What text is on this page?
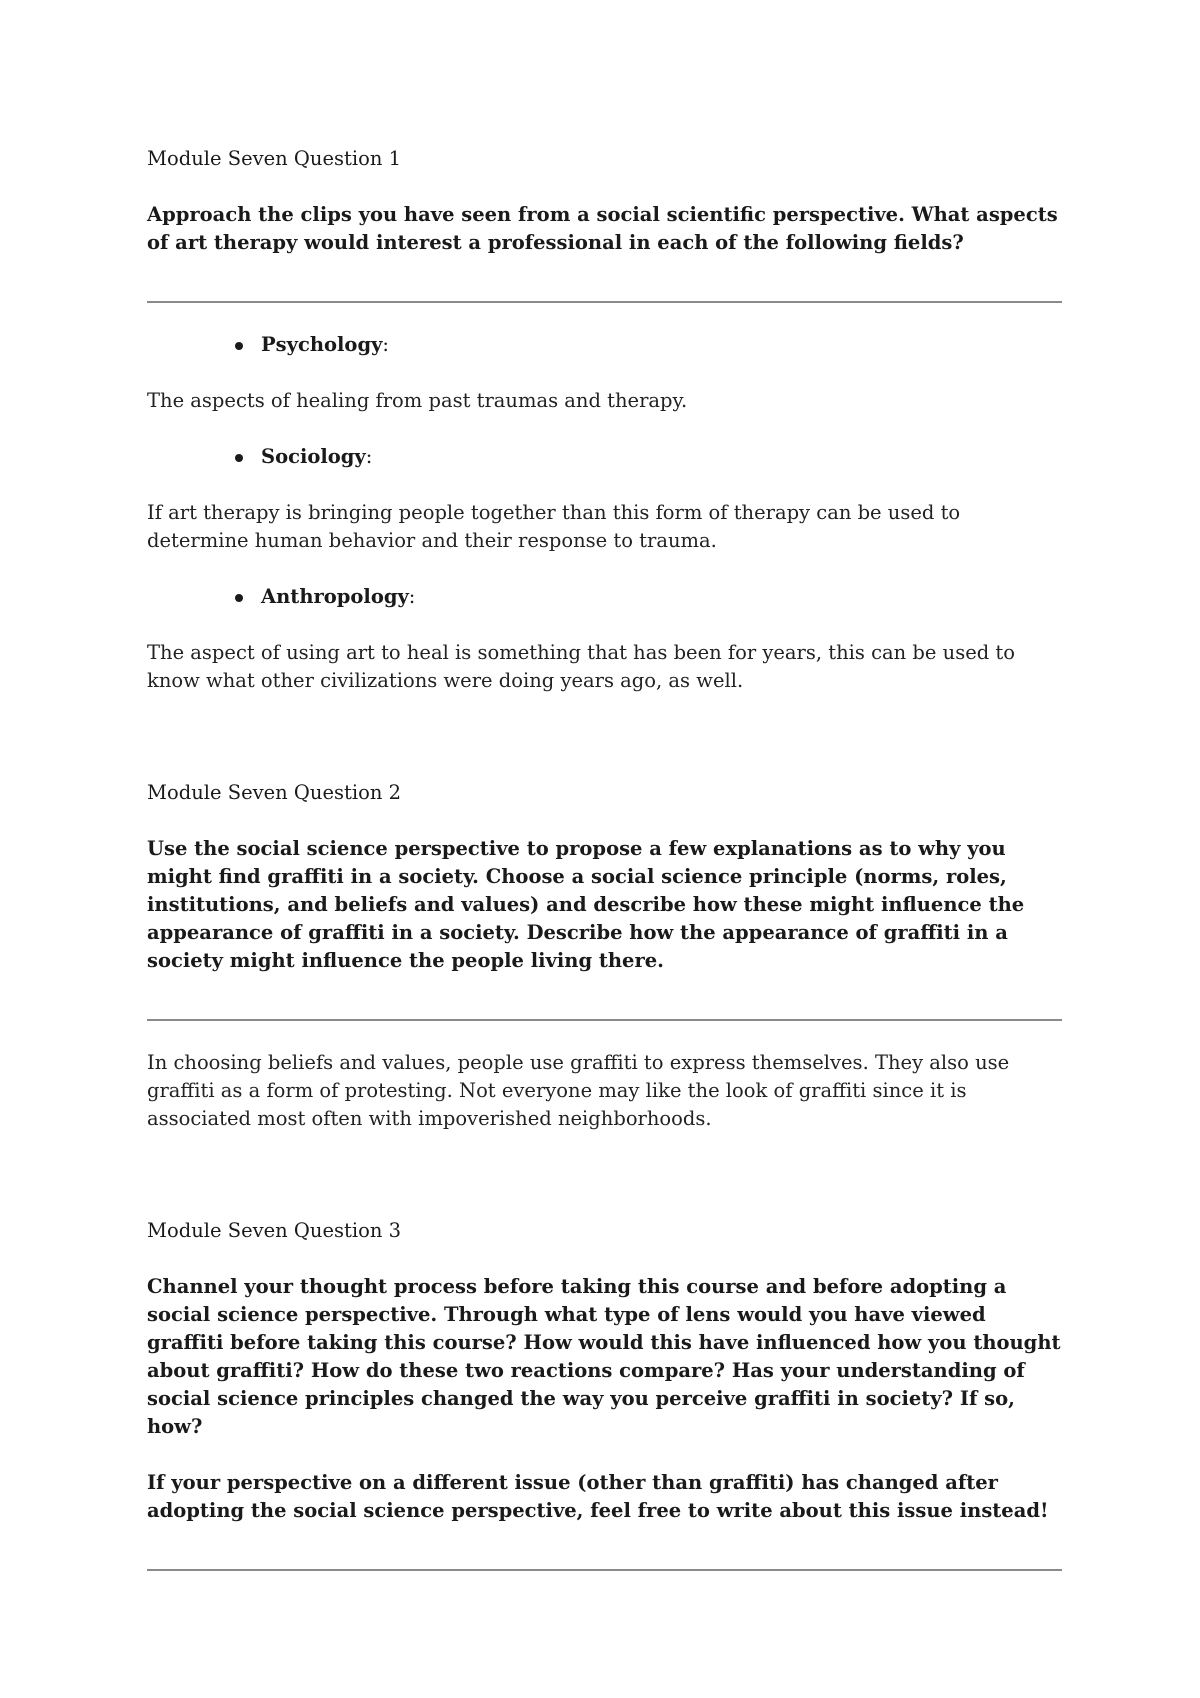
Module Seven Question 1

Approach the clips you have seen from a social scientific perspective. What aspects of art therapy would interest a professional in each of the following fields?

Psychology:

The aspects of healing from past traumas and therapy.

Sociology:

If art therapy is bringing people together than this form of therapy can be used to determine human behavior and their response to trauma.

Anthropology:

The aspect of using art to heal is something that has been for years, this can be used to know what other civilizations were doing years ago, as well.

Module Seven Question 2

Use the social science perspective to propose a few explanations as to why you might find graffiti in a society. Choose a social science principle (norms, roles, institutions, and beliefs and values) and describe how these might influence the appearance of graffiti in a society. Describe how the appearance of graffiti in a society might influence the people living there.

In choosing beliefs and values, people use graffiti to express themselves. They also use graffiti as a form of protesting. Not everyone may like the look of graffiti since it is associated most often with impoverished neighborhoods.

Module Seven Question 3

Channel your thought process before taking this course and before adopting a social science perspective. Through what type of lens would you have viewed graffiti before taking this course? How would this have influenced how you thought about graffiti? How do these two reactions compare? Has your understanding of social science principles changed the way you perceive graffiti in society? If so, how?

If your perspective on a different issue (other than graffiti) has changed after adopting the social science perspective, feel free to write about this issue instead!
